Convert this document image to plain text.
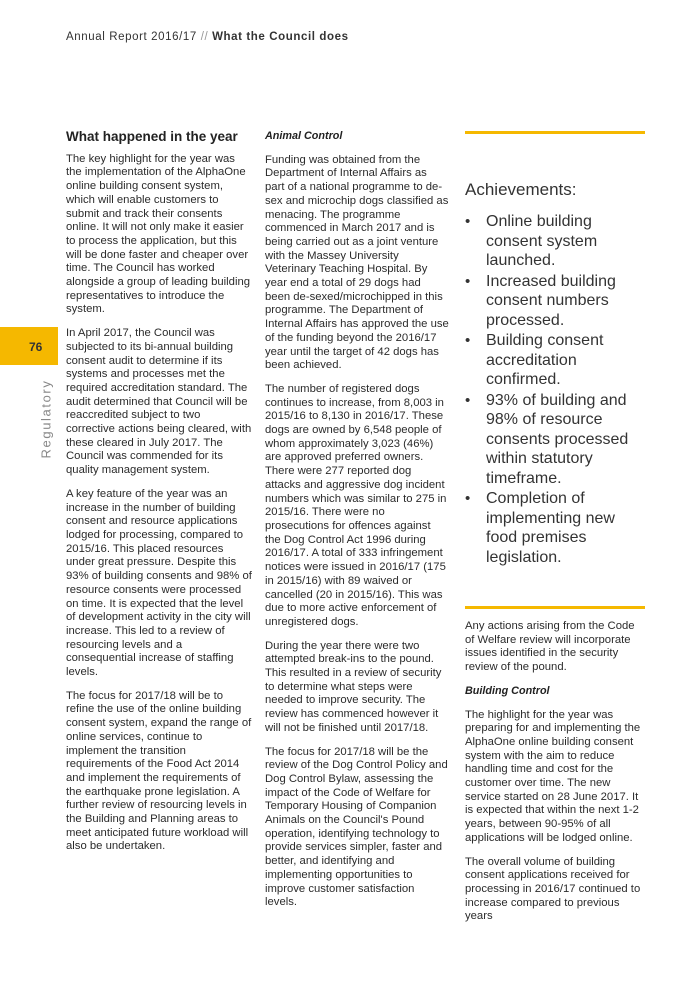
Annual Report 2016/17 // What the Council does
76
Regulatory
What happened in the year

The key highlight for the year was the implementation of the AlphaOne online building consent system, which will enable customers to submit and track their consents online. It will not only make it easier to process the application, but this will be done faster and cheaper over time. The Council has worked alongside a group of leading building representatives to introduce the system.

In April 2017, the Council was subjected to its bi-annual building consent audit to determine if its systems and processes met the required accreditation standard. The audit determined that Council will be reaccredited subject to two corrective actions being cleared, with these cleared in July 2017. The Council was commended for its quality management system.

A key feature of the year was an increase in the number of building consent and resource applications lodged for processing, compared to 2015/16. This placed resources under great pressure. Despite this 93% of building consents and 98% of resource consents were processed on time. It is expected that the level of development activity in the city will increase. This led to a review of resourcing levels and a consequential increase of staffing levels.

The focus for 2017/18 will be to refine the use of the online building consent system, expand the range of online services, continue to implement the transition requirements of the Food Act 2014 and implement the requirements of the earthquake prone legislation. A further review of resourcing levels in the Building and Planning areas to meet anticipated future workload will also be undertaken.

Animal Control

Funding was obtained from the Department of Internal Affairs as part of a national programme to de-sex and microchip dogs classified as menacing. The programme commenced in March 2017 and is being carried out as a joint venture with the Massey University Veterinary Teaching Hospital. By year end a total of 29 dogs had been de-sexed/microchipped in this programme. The Department of Internal Affairs has approved the use of the funding beyond the 2016/17 year until the target of 42 dogs has been achieved.

The number of registered dogs continues to increase, from 8,003 in 2015/16 to 8,130 in 2016/17. These dogs are owned by 6,548 people of whom approximately 3,023 (46%) are approved preferred owners. There were 277 reported dog attacks and aggressive dog incident numbers which was similar to 275 in 2015/16. There were no prosecutions for offences against the Dog Control Act 1996 during 2016/17. A total of 333 infringement notices were issued in 2016/17 (175 in 2015/16) with 89 waived or cancelled (20 in 2015/16). This was due to more active enforcement of unregistered dogs.

During the year there were two attempted break-ins to the pound. This resulted in a review of security to determine what steps were needed to improve security. The review has commenced however it will not be finished until 2017/18.

The focus for 2017/18 will be the review of the Dog Control Policy and Dog Control Bylaw, assessing the impact of the Code of Welfare for Temporary Housing of Companion Animals on the Council's Pound operation, identifying technology to provide services simpler, faster and better, and identifying and implementing opportunities to improve customer satisfaction levels.

Achievements:
• Online building consent system launched.
• Increased building consent numbers processed.
• Building consent accreditation confirmed.
• 93% of building and 98% of resource consents processed within statutory timeframe.
• Completion of implementing new food premises legislation.

Any actions arising from the Code of Welfare review will incorporate issues identified in the security review of the pound.

Building Control

The highlight for the year was preparing for and implementing the AlphaOne online building consent system with the aim to reduce handling time and cost for the customer over time. The new service started on 28 June 2017. It is expected that within the next 1-2 years, between 90-95% of all applications will be lodged online.

The overall volume of building consent applications received for processing in 2016/17 continued to increase compared to previous years
